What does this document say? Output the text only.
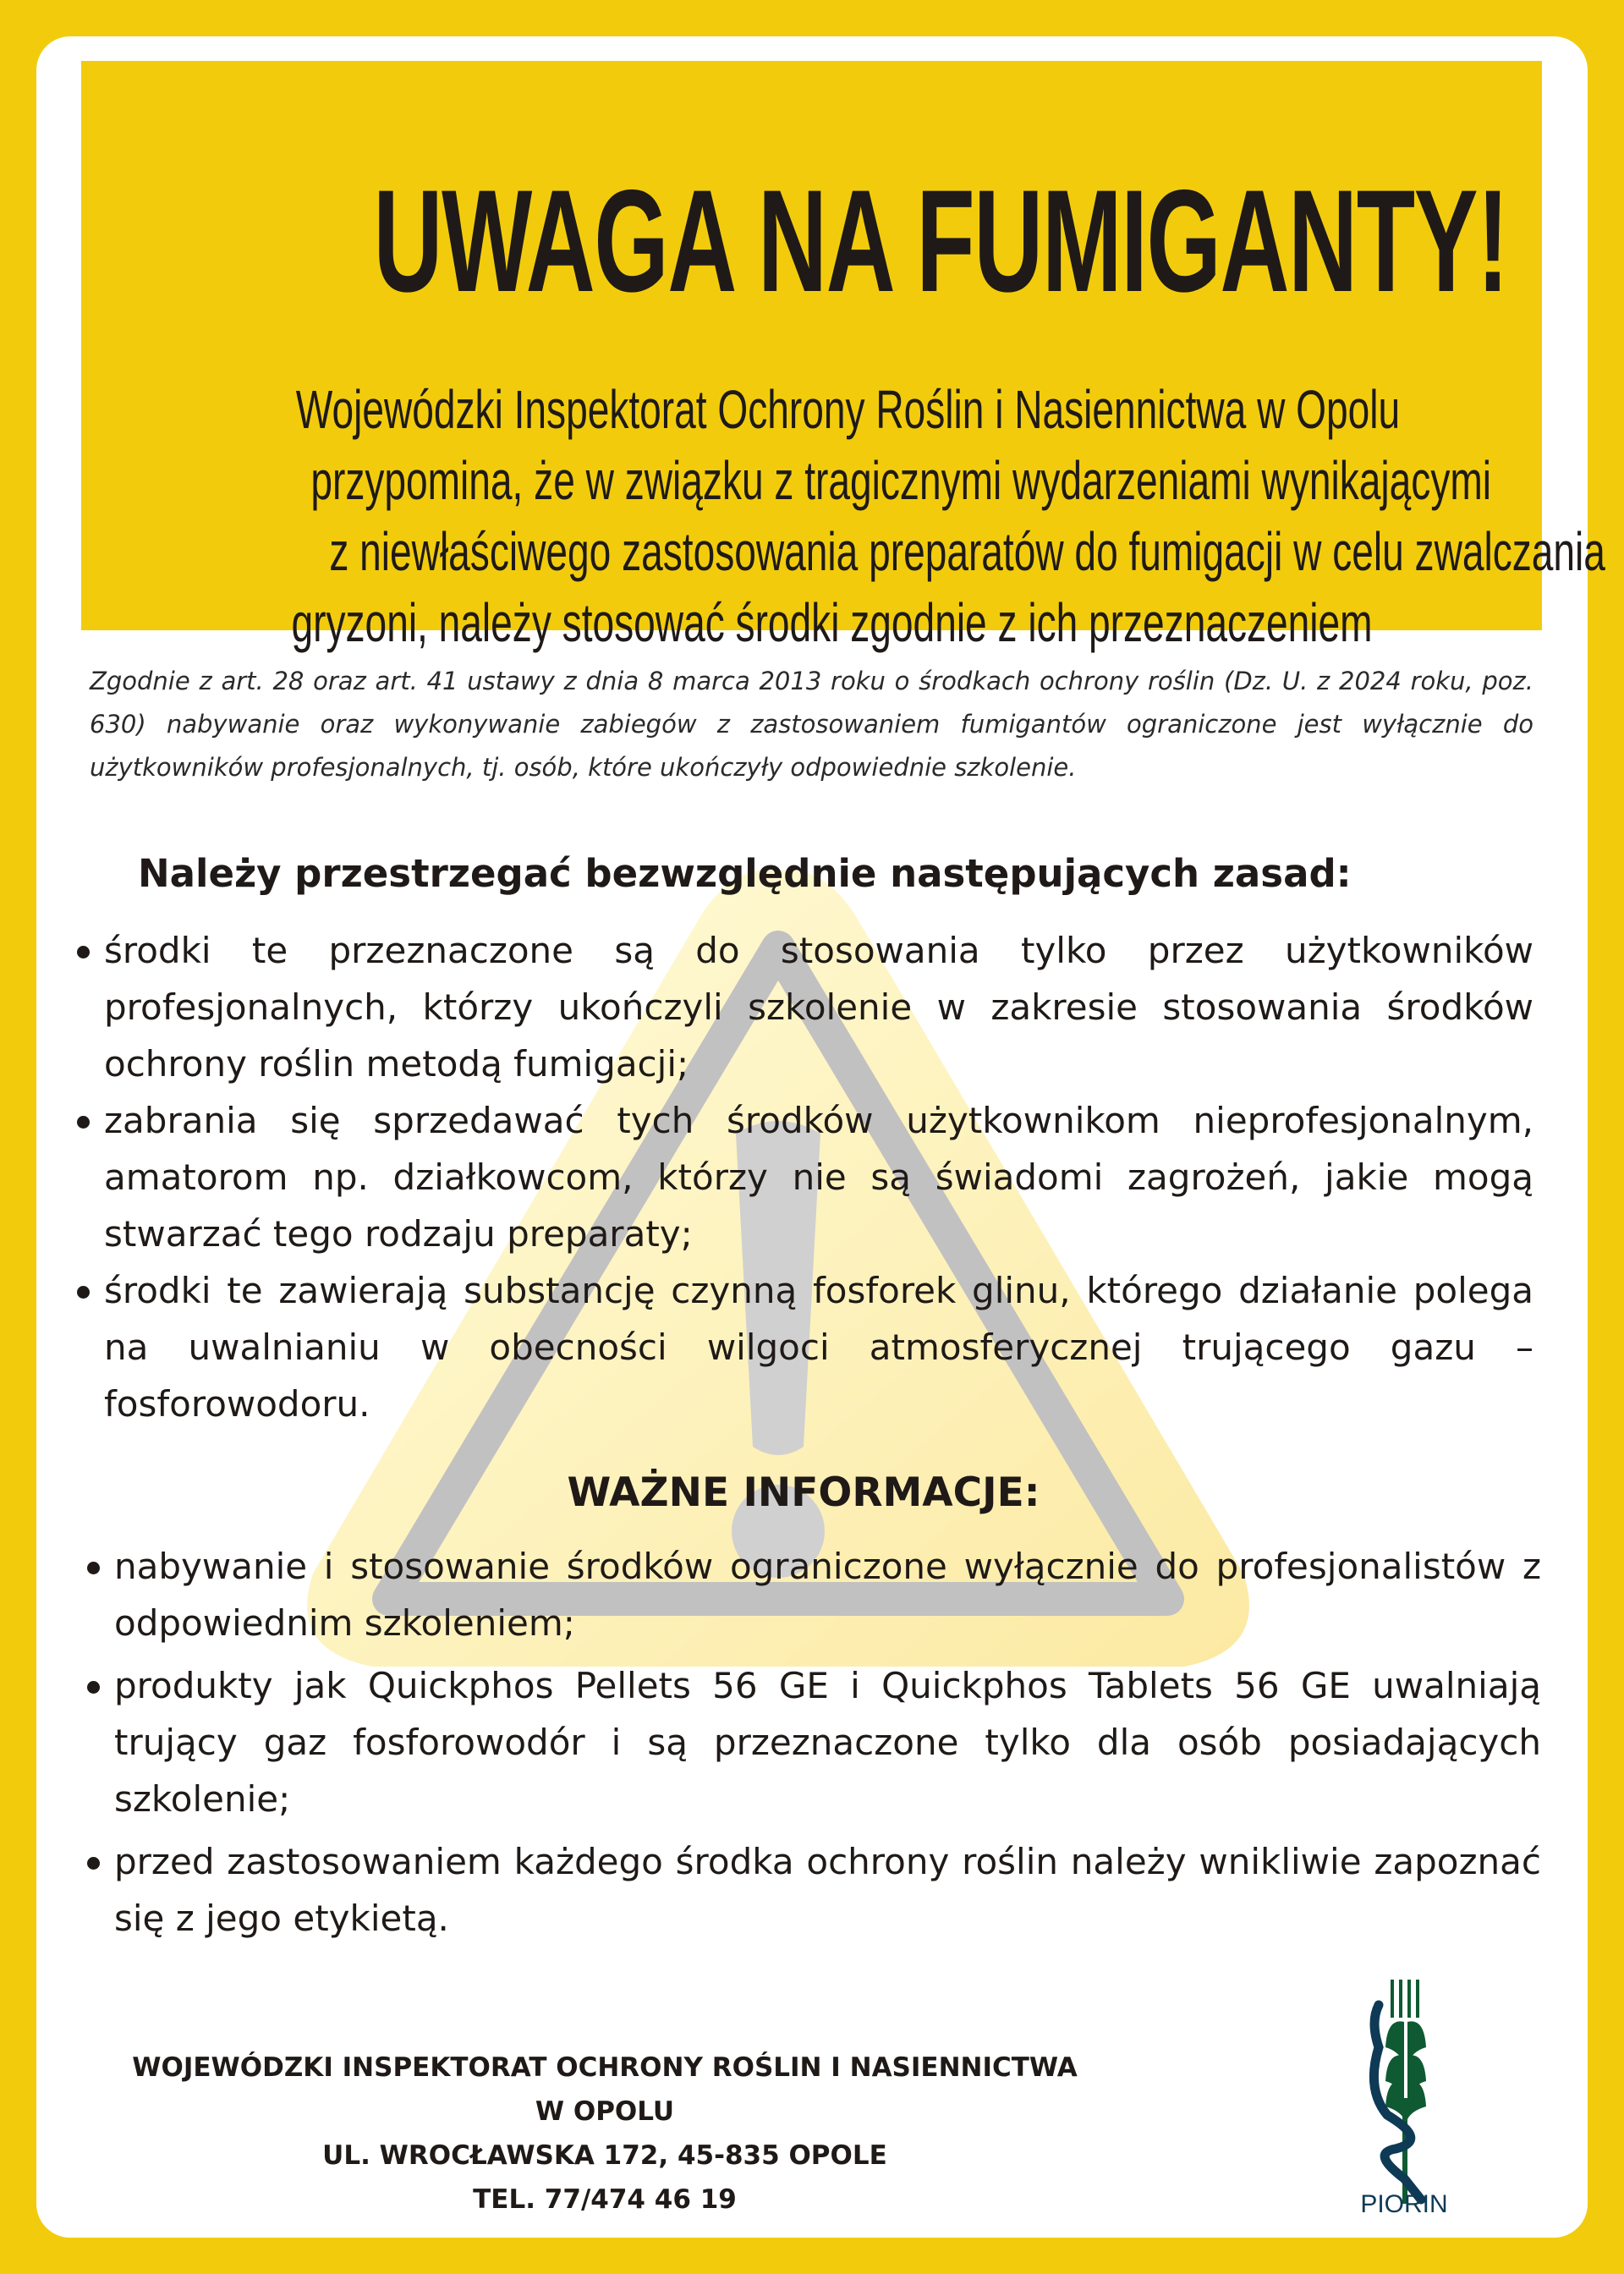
UWAGA NA FUMIGANTY!
Wojewódzki Inspektorat Ochrony Roślin i Nasiennictwa w Opolu
przypomina, że w związku z tragicznymi wydarzeniami wynikającymi
z niewłaściwego zastosowania preparatów do fumigacji w celu zwalczania
gryzoni, należy stosować środki zgodnie z ich przeznaczeniem
Zgodnie z art. 28 oraz art. 41 ustawy z dnia 8 marca 2013 roku o środkach ochrony roślin (Dz. U. z 2024 roku, poz. 630) nabywanie oraz wykonywanie zabiegów z zastosowaniem fumigantów ograniczone jest wyłącznie do użytkowników profesjonalnych, tj. osób, które ukończyły odpowiednie szkolenie.
Należy przestrzegać bezwzględnie następujących zasad:
środki te przeznaczone są do stosowania tylko przez użytkowników profesjonalnych, którzy ukończyli szkolenie w zakresie stosowania środków ochrony roślin metodą fumigacji;
zabrania się sprzedawać tych środków użytkownikom nieprofesjonalnym, amatorom np. działkowcom, którzy nie są świadomi zagrożeń, jakie mogą stwarzać tego rodzaju preparaty;
środki te zawierają substancję czynną fosforek glinu, którego działanie polega na uwalnianiu w obecności wilgoci atmosferycznej trującego gazu – fosforowodoru.
WAŻNE INFORMACJE:
nabywanie i stosowanie środków ograniczone wyłącznie do profesjonalistów z odpowiednim szkoleniem;
produkty jak Quickphos Pellets 56 GE i Quickphos Tablets 56 GE uwalniają trujący gaz fosforowodór i są przeznaczone tylko dla osób posiadających szkolenie;
przed zastosowaniem każdego środka ochrony roślin należy wnikliwie zapoznać się z jego etykietą.
WOJEWÓDZKI INSPEKTORAT OCHRONY ROŚLIN I NASIENNICTWA W OPOLU
UL. WROCŁAWSKA 172, 45-835 OPOLE
TEL. 77/474 46 19	PIORIN
